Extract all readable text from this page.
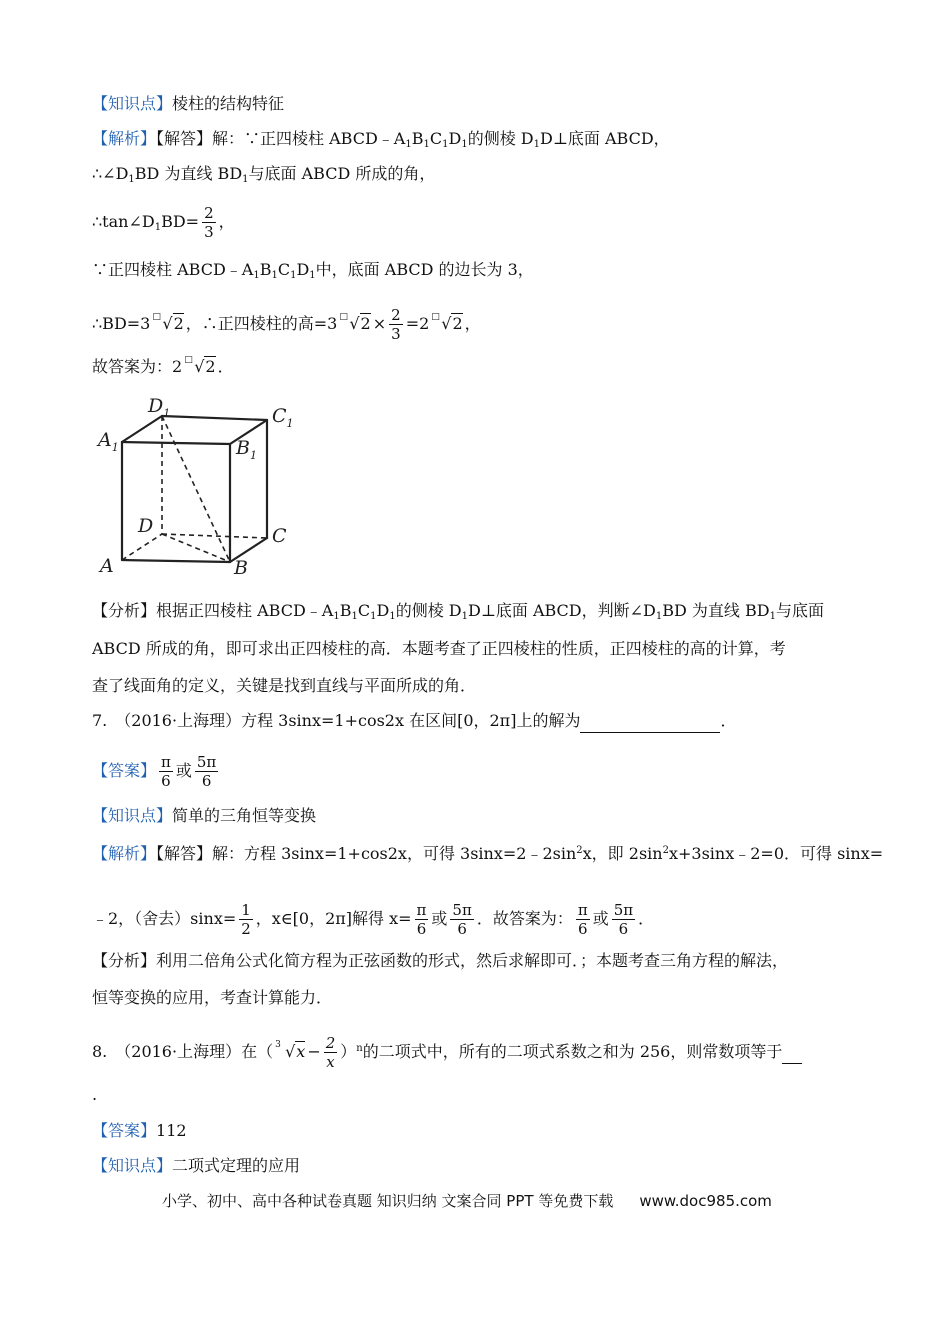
【知识点】棱柱的结构特征
【解析】【解答】解：∵正四棱柱 $ABCD﹣A_1B_1C_1D_1$的侧棱 $D_1D\perp$底面 ABCD，
$\therefore\angle D_1BD$ 为直线 $BD_1$与底面 ABCD 所成的角，
$\therefore\tan\angle D_1BD= \frac{2}{3}$ ，
∵正四棱柱 $ABCD﹣A_1B_1C_1D_1$中，底面 ABCD 的边长为 3，
∴BD=3 □ √2 ，∴正四棱柱的高=3 □ $√2 \times \frac{2}{3} =2$ □ √2 ，
故答案为：2 □ √2 ．
$D_1$	$C_1$
$A_1$	$B_1$
D	C
A	B
【分析】根据正四棱柱 $ABCD﹣A_1B_1C_1D_1$的侧棱 $D_1D\perp$底面 ABCD，判断$\angle D_1BD$ 为直线 $BD_1$与底面
ABCD 所成的角，即可求出正四棱柱的高．本题考查了正四棱柱的性质，正四棱柱的高的计算，考
查了线面角的定义，关键是找到直线与平面所成的角．
7.　（2016·上海理）方程 3sinx=1+cos2x 在区间[0，2π]上的解为	．
【答案】 $\frac{\pi}{6}$ 或 $\frac{5\pi}{6}$
【知识点】简单的三角恒等变换
【解析】【解答】解：方程 3sinx=1+cos2x，可得 $3\sin x=2﹣2\sin^2x$，即 $2\sin^2x+3\sin x﹣2=0$．可得 sinx=
﹣2，（舍去）$\sin x= \frac{1}{2}$ ，x∈[0，2π]解得 $x= \frac{\pi}{6}$ 或 $\frac{5\pi}{6}$ ．故答案为： $\frac{\pi}{6}$ 或 $\frac{5\pi}{6}$ ．
【分析】利用二倍角公式化简方程为正弦函数的形式，然后求解即可．；本题考查三角方程的解法，
恒等变换的应用，考查计算能力．
8.　（2016·上海理）在（ 3 $√x - \frac{2}{x} )^n$的二项式中，所有的二项式系数之和为 256，则常数项等于
.
【答案】112
【知识点】二项式定理的应用
小学、初中、高中各种试卷真题 知识归纳 文案合同 PPT 等免费下载 www.doc985.com
